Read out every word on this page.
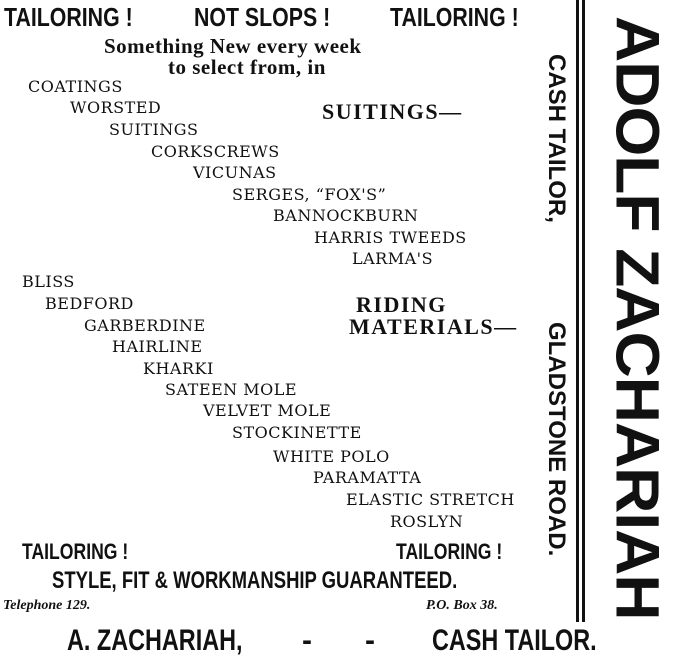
TAILORING ! NOT SLOPS ! TAILORING !
Something New every week
to select from, in
SUITINGS—
COATINGS
WORSTED
SUITINGS
CORKSCREWS
VICUNAS
SERGES, “FOX'S”
BANNOCKBURN
HARRIS TWEEDS
LARMA'S
RIDING
MATERIALS—
BLISS
BEDFORD
GARBERDINE
HAIRLINE
KHARKI
SATEEN MOLE
VELVET MOLE
STOCKINETTE
WHITE POLO
PARAMATTA
ELASTIC STRETCH
ROSLYN
TAILORING !	TAILORING !
STYLE, FIT & WORKMANSHIP GUARANTEED.
Telephone 129.	P.O. Box 38.
A. ZACHARIAH, - - CASH TAILOR.
ADOLF ZACHARIAH
CASH TAILOR,
GLADSTONE ROAD.
